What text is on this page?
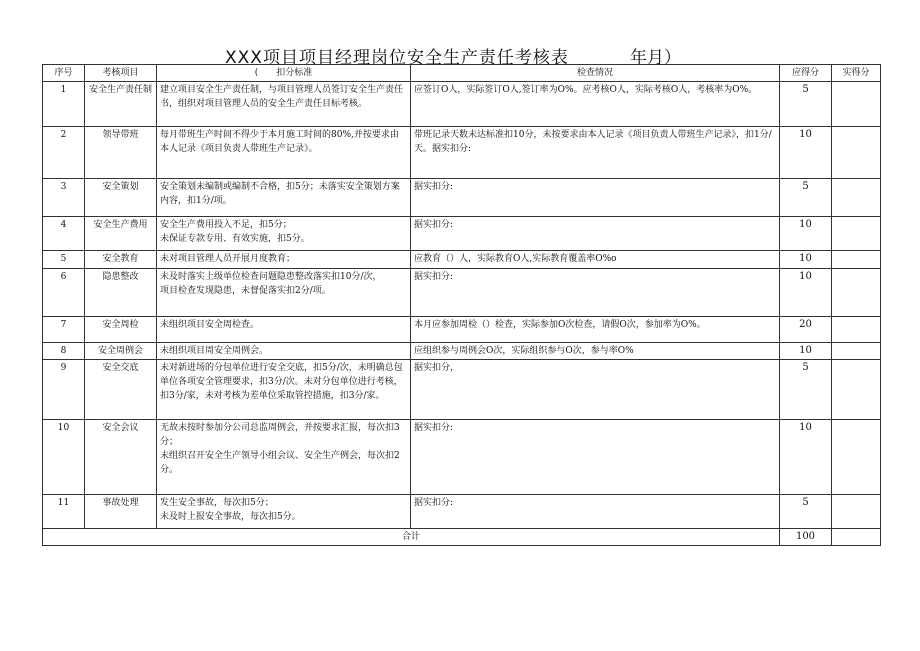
XXX项目项目经理岗位安全生产责任考核表	年月）
序号	考核项目	(　　扣分标准	检查情况	应得分	实得分
1	安全生产责任制	建立项目安全生产责任制，与项目管理人员签订安全生产责任书，组织对项目管理人员的安全生产责任目标考核。	应签订O人，实际签订O人,签订率为O%。应考核O人，实际考核O人，考核率为O%。	5	
2	领导带班	每月带班生产时间不得少于本月施工时间的80%,并按要求由本人记录《项目负责人带班生产记录》。	带班记录天数未达标准扣10分，未按要求由本人记录《项目负责人带班生产记录》，扣1分/天。据实扣分:	10	
3	安全策划	安全策划未编制或编制不合格，扣5分；未落实安全策划方案内容，扣1分/项。	据实扣分:	5	
4	安全生产费用	安全生产费用投入不足，扣5分；
未保证专款专用、有效实施，扣5分。	据实扣分:	10	
5	安全教育	未对项目管理人员开展月度教育；	应教育（）人，实际教育O人,实际教育覆盖率O%o	10	
6	隐患整改	未及时落实上级单位检查问题隐患整改落实扣10分/次，
项目检查发现隐患，未督促落实扣2分/项。	据实扣分:	10	
7	安全周检	未组织项目安全周检查。	本月应参加周检（）检查，实际参加O次检查，请假O次，参加率为O%。	20	
8	安全周例会	未组织项目周安全周例会。	应组织参与周例会O次，实际组织参与O次，参与率O%	10	
9	安全交底	未对新进场的分包单位进行安全交底，扣5分/次，未明确总包单位各项安全管理要求，扣3分/次。未对分包单位进行考核，扣3分/家，未对考核为差单位采取管控措施，扣3分/家。	据实扣分，	5	
10	安全会议	无故未按时参加分公司总监周例会，并按要求汇报，每次扣3分；
未组织召开安全生产领导小组会议、安全生产例会，每次扣2分。	据实扣分:	10	
11	事故处理	发生安全事故，每次扣5分；
未及时上报安全事故，每次扣5分。	据实扣分:	5	
合计				100	
